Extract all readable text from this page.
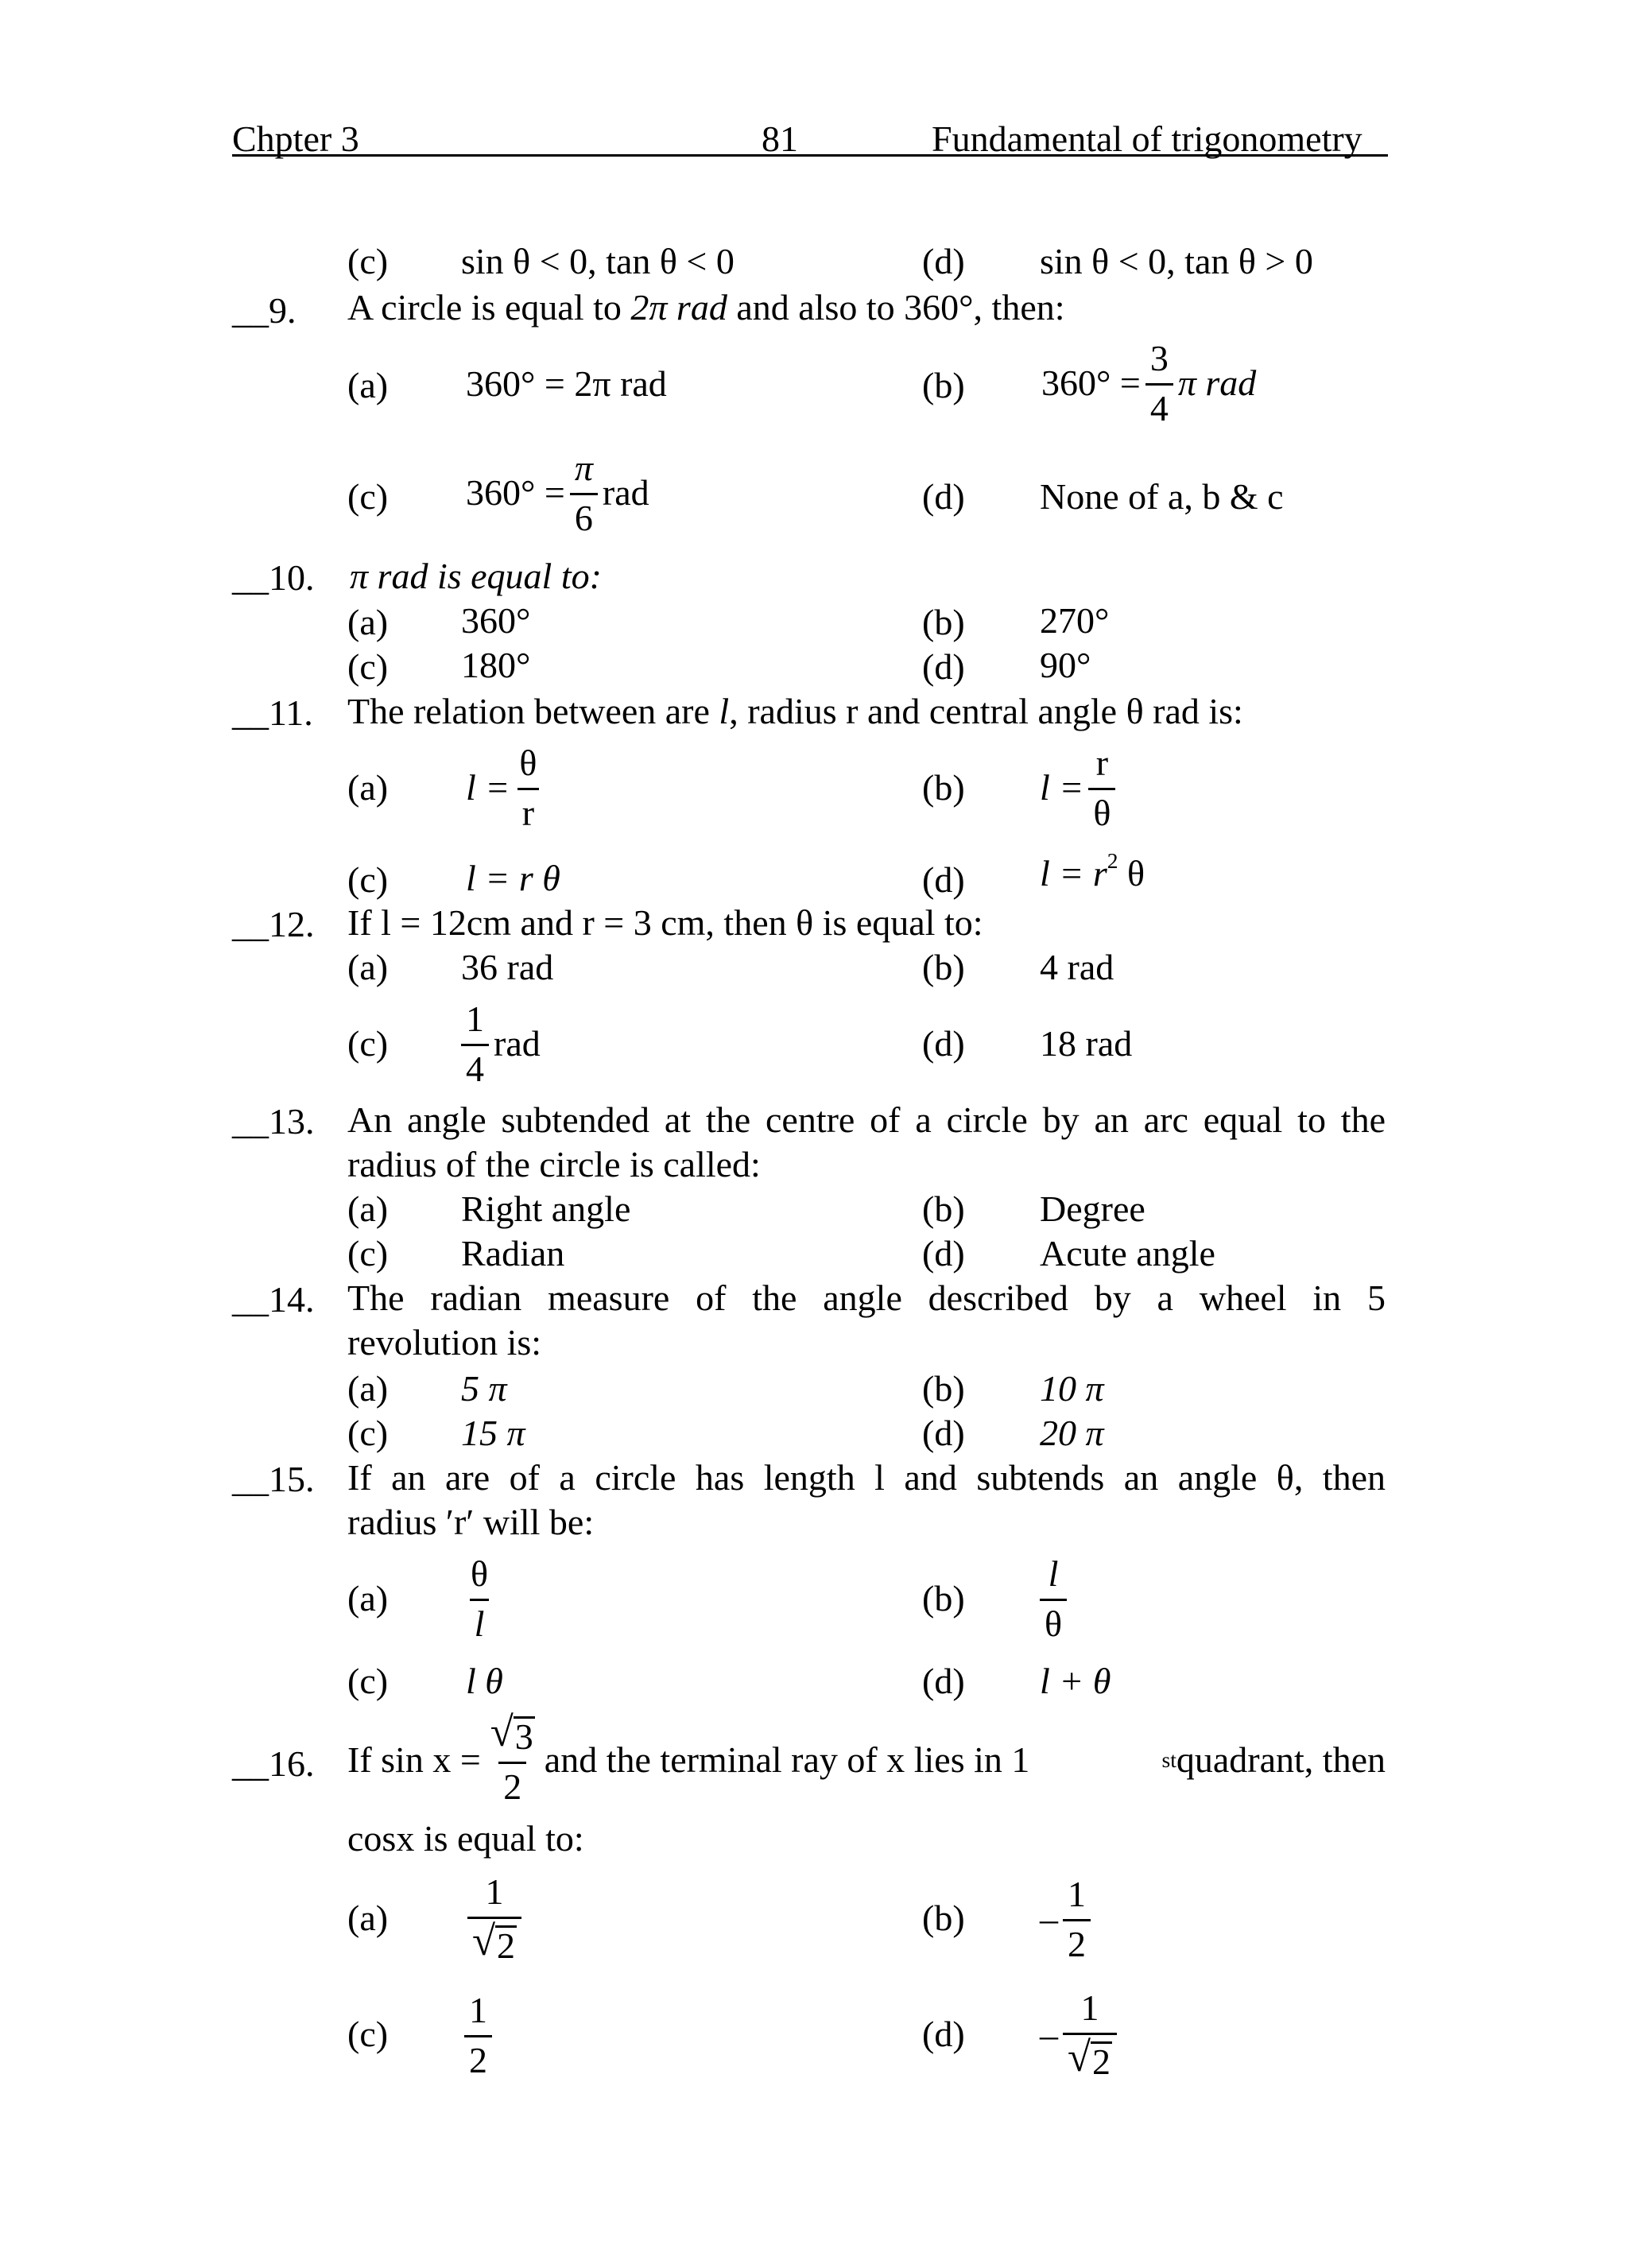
Chpter 3	81	Fundamental of trigonometry
(c) sin θ < 0, tan θ < 0	(d) sin θ < 0, tan θ > 0
__9. A circle is equal to 2π rad and also to 360°, then:
(a) 360° = 2π rad	(b) $360^\circ = \frac{3}{4}$ π rad
(c) $360^\circ = \frac{\pi}{6}$ rad	(d) None of a, b & c
__10. π rad is equal to:
(a) 360°	(b) 270°
(c) 180°	(d) 90°
__11. The relation between are l, radius r and central angle θ rad is:
(a) $l = \frac{\theta}{r}$	(b) $l = \frac{r}{\theta}$
(c) l = r θ	(d) $l = r^2$ θ
__12. If l = 12cm and r = 3 cm, then θ is equal to:
(a) 36 rad	(b) 4 rad
$(c) \frac{1}{4}$ rad	(d) 18 rad
__13. An angle subtended at the centre of a circle by an arc equal to the
radius of the circle is called:
(a) Right angle	(b) Degree
(c) Radian	(d) Acute angle
__14. The radian measure of the angle described by a wheel in 5
revolution is:
(a) 5 π	(b) 10 π
(c) 15 π	(d) 20 π
__15. If an are of a circle has length l and subtends an angle θ, then
radius ′r′ will be:
$(a) \frac{\theta}{l}$	$(b) \frac{l}{\theta}$
(c) l θ	(d) l + θ
__16. If $\sin x = \frac{√ 3}{2}$ and the terminal ray of x lies in 1	st quadrant, then
cosx is equal to:
$(a) \frac{1}{√ 2}$	$(b) - \frac{1}{2}$
$(c) \frac{1}{2}$	$(d) - \frac{1}{√ 2}$
